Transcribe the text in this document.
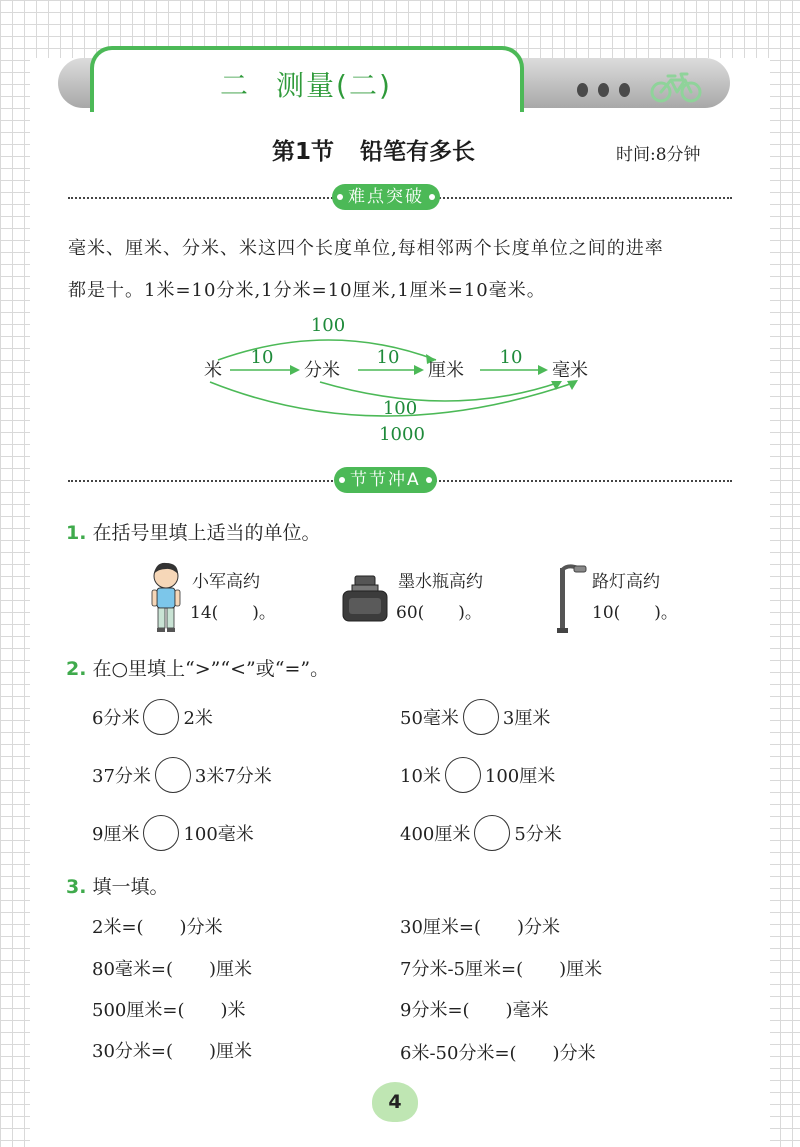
二 测量(二)
第1节 铅笔有多长	时间:8分钟
难点突破
毫米、厘米、分米、米这四个长度单位,每相邻两个长度单位之间的进率
都是十。1米=10分米,1分米=10厘米,1厘米=10毫米。
100
10	10	10
100
1000
米	分米	厘米	毫米
节节冲A
1. 在括号里填上适当的单位。
小军高约
14(　　)。
墨水瓶高约
60(　　)。
路灯高约
10(　　)。
2. 在○里填上“>”“<”或“=”。
6分米 2米	50毫米 3厘米
37分米 3米7分米	10米 100厘米
9厘米 100毫米	400厘米 5分米
3. 填一填。
2米=(　　)分米	30厘米=(　　)分米
80毫米=(　　)厘米	7分米-5厘米=(　　)厘米
500厘米=(　　)米	9分米=(　　)毫米
30分米=(　　)厘米	6米-50分米=(　　)分米
4
